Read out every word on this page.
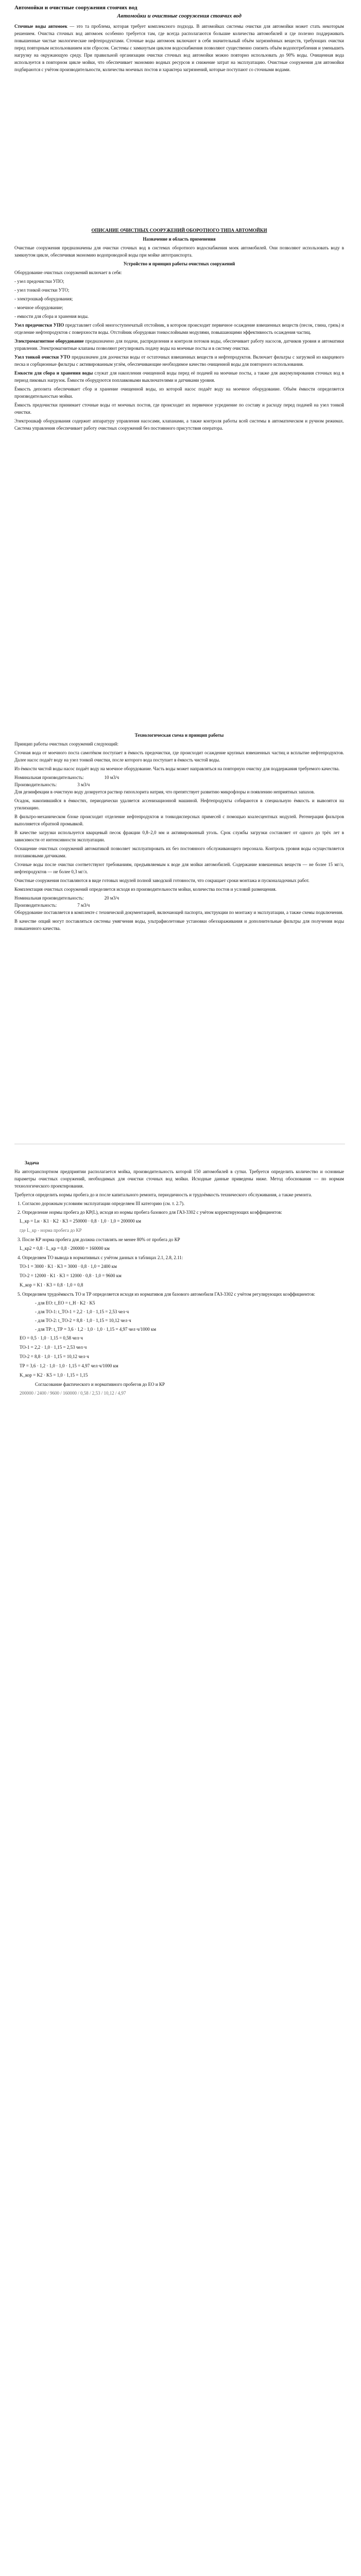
Автомойки и очистные сооружения стоячих вод

Автомойки и очистные сооружения стоячих вод

Сточные воды автомоек — это та проблема, которая требует комплексного подхода. В автомойках системы очистки для автомойки может стать некоторым решением. Очистка сточных вод автомоек особенно требуется там, где всегда располагаются большие количества автомобилей и где полезно поддерживать повышенные чистые экологические нефтепродуктами. Сточные воды автомоек включают в себя значительный объём загрязнённых веществ, требующих очистки перед повторным использованием или сбросом. Системы с замкнутым циклом водоснабжения позволяют существенно снизить объём водопотребления и уменьшить нагрузку на окружающую среду. При правильной организации очистки сточных вод автомойки можно повторно использовать до 90% воды. Очищенная вода используется в повторном цикле мойки, что обеспечивает экономию водных ресурсов и снижение затрат на эксплуатацию. Очистные сооружения для автомойки подбираются с учётом производительности, количества моечных постов и характера загрязнений, которые поступают со сточными водами.

ОПИСАНИЕ ОЧИСТНЫХ СООРУЖЕНИЙ ОБОРОТНОГО ТИПА АВТОМОЙКИ

Назначение и область применения

Очистные сооружения предназначены для очистки сточных вод в системах оборотного водоснабжения моек автомобилей. Они позволяют использовать воду в замкнутом цикле, обеспечивая экономию водопроводной воды при мойке автотранспорта.

Устройство и принцип работы очистных сооружений

Оборудование очистных сооружений включает в себя:

- узел предочистки УПО;

- узел тонкой очистки УТО;

- электрошкаф оборудования;

- моечное оборудование;

- емкости для сбора и хранения воды.

Узел предочистки УПО представляет собой многоступенчатый отстойник, в котором происходит первичное осаждение взвешенных веществ (песок, глина, грязь) и отделение нефтепродуктов с поверхности воды. Отстойник оборудован тонкослойными модулями, повышающими эффективность осаждения частиц.

Электромагнитное оборудование предназначено для подачи, распределения и контроля потоков воды, обеспечивает работу насосов, датчиков уровня и автоматики управления. Электромагнитные клапаны позволяют регулировать подачу воды на моечные посты и в систему очистки.

Узел тонкой очистки УТО предназначен для доочистки воды от остаточных взвешенных веществ и нефтепродуктов. Включает фильтры с загрузкой из кварцевого песка и сорбционные фильтры с активированным углём, обеспечивающие необходимое качество очищенной воды для повторного использования.

Емкости для сбора и хранения воды служат для накопления очищенной воды перед её подачей на моечные посты, а также для аккумулирования сточных вод в период пиковых нагрузок. Ёмкости оборудуются поплавковыми выключателями и датчиками уровня.

Ёмкость депозита обеспечивает сбор и хранение очищенной воды, из которой насос подаёт воду на моечное оборудование. Объём ёмкости определяется производительностью мойки.

Ёмкость предочистки принимает сточные воды от моечных постов, где происходит их первичное усреднение по составу и расходу перед подачей на узел тонкой очистки.

Электрошкаф оборудования содержит аппаратуру управления насосами, клапанами, а также контроля работы всей системы в автоматическом и ручном режимах. Система управления обеспечивает работу очистных сооружений без постоянного присутствия оператора.

Технологическая схема и принцип работы

Принцип работы очистных сооружений следующий:

Сточная вода от моечного поста самотёком поступает в ёмкость предочистки, где происходит осаждение крупных взвешенных частиц и всплытие нефтепродуктов. Далее насос подаёт воду на узел тонкой очистки, после которого вода поступает в ёмкость чистой воды.

Из ёмкости чистой воды насос подаёт воду на моечное оборудование. Часть воды может направляться на повторную очистку для поддержания требуемого качества.

Номинальная производительность:	10 м3/ч
Производительность:	3 м3/ч

Для дезинфекции в очистную воду дозируется раствор гипохлорита натрия, что препятствует развитию микрофлоры и появлению неприятных запахов.

Осадок, накопившийся в ёмкостях, периодически удаляется ассенизационной машиной. Нефтепродукты собираются в специальную ёмкость и вывозятся на утилизацию.

В фильтро-механическом блоке происходит отделение нефтепродуктов и тонкодисперсных примесей с помощью коалесцентных модулей. Регенерация фильтров выполняется обратной промывкой.

В качестве загрузки используется кварцевый песок фракции 0,8–2,0 мм и активированный уголь. Срок службы загрузки составляет от одного до трёх лет в зависимости от интенсивности эксплуатации.

Оснащение очистных сооружений автоматикой позволяет эксплуатировать их без постоянного обслуживающего персонала. Контроль уровня воды осуществляется поплавковыми датчиками.

Сточные воды после очистки соответствуют требованиям, предъявляемым к воде для мойки автомобилей. Содержание взвешенных веществ — не более 15 мг/л, нефтепродуктов — не более 0,3 мг/л.

Очистные сооружения поставляются в виде готовых модулей полной заводской готовности, что сокращает сроки монтажа и пусконаладочных работ.

Комплектация очистных сооружений определяется исходя из производительности мойки, количества постов и условий размещения.

Номинальная производительность:	20 м3/ч
Производительность:	7 м3/ч

Оборудование поставляется в комплекте с технической документацией, включающей паспорта, инструкции по монтажу и эксплуатации, а также схемы подключения.

В качестве опций могут поставляться системы умягчения воды, ультрафиолетовые установки обеззараживания и дополнительные фильтры для получения воды повышенного качества.

Задача

На автотранспортном предприятии располагается мойка, производительность которой 150 автомобилей в сутки. Требуется определить количество и основные параметры очистных сооружений, необходимых для очистки сточных вод мойки. Исходные данные приведены ниже. Метод обоснования — по нормам технологического проектирования.

Требуется определить нормы пробега до и после капитального ремонта, периодичность и трудоёмкость технического обслуживания, а также ремонта.

1. Согласно дорожным условиям эксплуатации определяем III категорию (см. т. 2.7).

2. Определение нормы пробега до КР(L), исходя из нормы пробега базового для ГАЗ-3302 с учётом корректирующих коэффициентов:

L_кр = Lн · K1 · K2 · K3 = 250000 · 0,8 · 1,0 · 1,0 = 200000 км

где L_кр - норма пробега до КР

3. После КР норма пробега для должна составлять не менее 80% от пробега до КР

L_кр2 = 0,8 · L_кр = 0,8 · 200000 = 160000 км

4. Определяем ТО вывода в нормативных с учётом данных в таблицах 2.1, 2.8, 2.11:

TO-1 = 3000 · K1 · K3 = 3000 · 0,8 · 1,0 = 2400 км

TO-2 = 12000 · K1 · K3 = 12000 · 0,8 · 1,0 = 9600 км

K_кор = K1 · K3 = 0,8 · 1,0 = 0,8

5. Определяем трудоёмкость ТО и ТР определяется исходя из нормативов для базового автомобиля ГАЗ-3302 с учётом регулирующих коэффициентов:

- для ЕО: t_ЕО = t_Н · K2 · K5

- для ТО-1: t_ТО-1 = 2,2 · 1,0 · 1,15 = 2,53 чел·ч

- для ТО-2: t_ТО-2 = 8,8 · 1,0 · 1,15 = 10,12 чел·ч

- для ТР: t_ТР = 3,6 · 1,2 · 1,0 · 1,0 · 1,15 = 4,97 чел·ч/1000 км

ЕО = 0,5 · 1,0 · 1,15 = 0,58 чел·ч

ТО-1 = 2,2 · 1,0 · 1,15 = 2,53 чел·ч

ТО-2 = 8,8 · 1,0 · 1,15 = 10,12 чел·ч

ТР = 3,6 · 1,2 · 1,0 · 1,0 · 1,15 = 4,97 чел·ч/1000 км

K_кор = K2 · K5 = 1,0 · 1,15 = 1,15

Согласование фактического и нормативного пробегов до ЕО и КР

200000 / 2400 / 9600 / 160000 / 0,58 / 2,53 / 10,12 / 4,97
